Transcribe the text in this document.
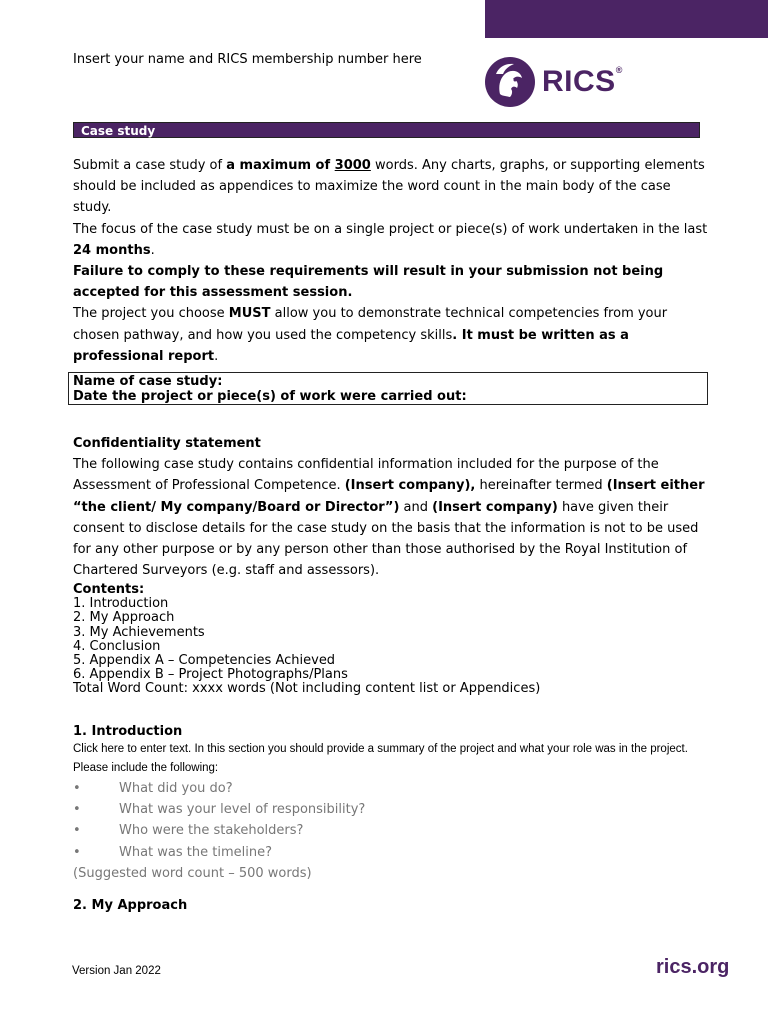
Insert your name and RICS membership number here
RICS®
Case study

Submit a case study of a maximum of 3000 words. Any charts, graphs, or supporting elements should be included as appendices to maximize the word count in the main body of the case study.

The focus of the case study must be on a single project or piece(s) of work undertaken in the last 24 months.

Failure to comply to these requirements will result in your submission not being accepted for this assessment session.

The project you choose MUST allow you to demonstrate technical competencies from your chosen pathway, and how you used the competency skills. It must be written as a professional report.

Name of case study:
Date the project or piece(s) of work were carried out:

Confidentiality statement

The following case study contains confidential information included for the purpose of the Assessment of Professional Competence. (Insert company), hereinafter termed (Insert either “the client/ My company/Board or Director”) and (Insert company) have given their consent to disclose details for the case study on the basis that the information is not to be used for any other purpose or by any person other than those authorised by the Royal Institution of Chartered Surveyors (e.g. staff and assessors).

Contents:
1. Introduction
2. My Approach
3. My Achievements
4. Conclusion
5. Appendix A – Competencies Achieved
6. Appendix B – Project Photographs/Plans
Total Word Count: xxxx words (Not including content list or Appendices)
1. Introduction
Click here to enter text. In this section you should provide a summary of the project and what your role was in the project.
Please include the following:
•	What did you do?
•	What was your level of responsibility?
•	Who were the stakeholders?
•	What was the timeline?
(Suggested word count – 500 words)
2. My Approach
Version Jan 2022	rics.org
